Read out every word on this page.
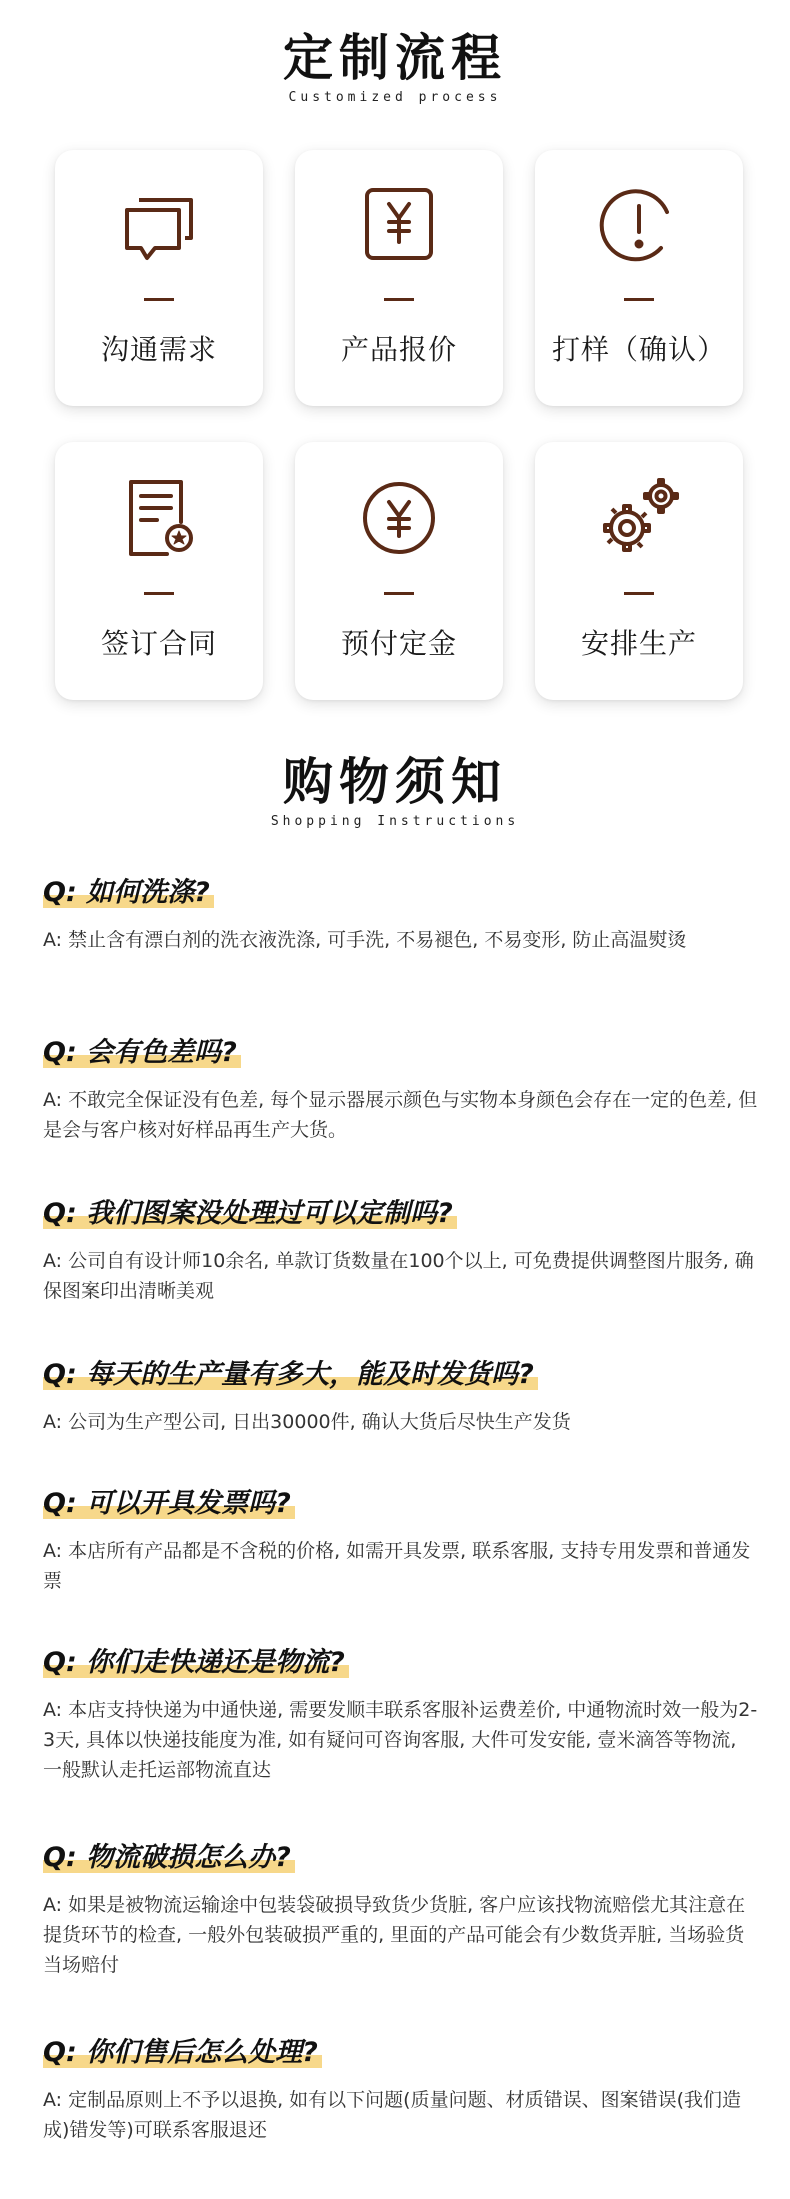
定制流程
Customized process
沟通需求	产品报价	打样（确认）
签订合同	预付定金	安排生产
购物须知
Shopping Instructions
Q: 如何洗涤?
A: 禁止含有漂白剂的洗衣液洗涤, 可手洗, 不易褪色, 不易变形, 防止高温熨烫
Q: 会有色差吗?
A: 不敢完全保证没有色差, 每个显示器展示颜色与实物本身颜色会存在一定的色差, 但是会与客户核对好样品再生产大货。
Q: 我们图案没处理过可以定制吗?
A: 公司自有设计师10余名, 单款订货数量在100个以上, 可免费提供调整图片服务, 确保图案印出清晰美观
Q: 每天的生产量有多大，能及时发货吗?
A: 公司为生产型公司, 日出30000件, 确认大货后尽快生产发货
Q: 可以开具发票吗?
A: 本店所有产品都是不含税的价格, 如需开具发票, 联系客服, 支持专用发票和普通发票
Q: 你们走快递还是物流?
A: 本店支持快递为中通快递, 需要发顺丰联系客服补运费差价, 中通物流时效一般为2-3天, 具体以快递技能度为准, 如有疑问可咨询客服, 大件可发安能, 壹米滴答等物流, 一般默认走托运部物流直达
Q: 物流破损怎么办?
A: 如果是被物流运输途中包装袋破损导致货少货脏, 客户应该找物流赔偿尤其注意在提货环节的检查, 一般外包装破损严重的, 里面的产品可能会有少数货弄脏, 当场验货当场赔付
Q: 你们售后怎么处理?
A: 定制品原则上不予以退换, 如有以下问题(质量问题、材质错误、图案错误(我们造成)错发等)可联系客服退还
